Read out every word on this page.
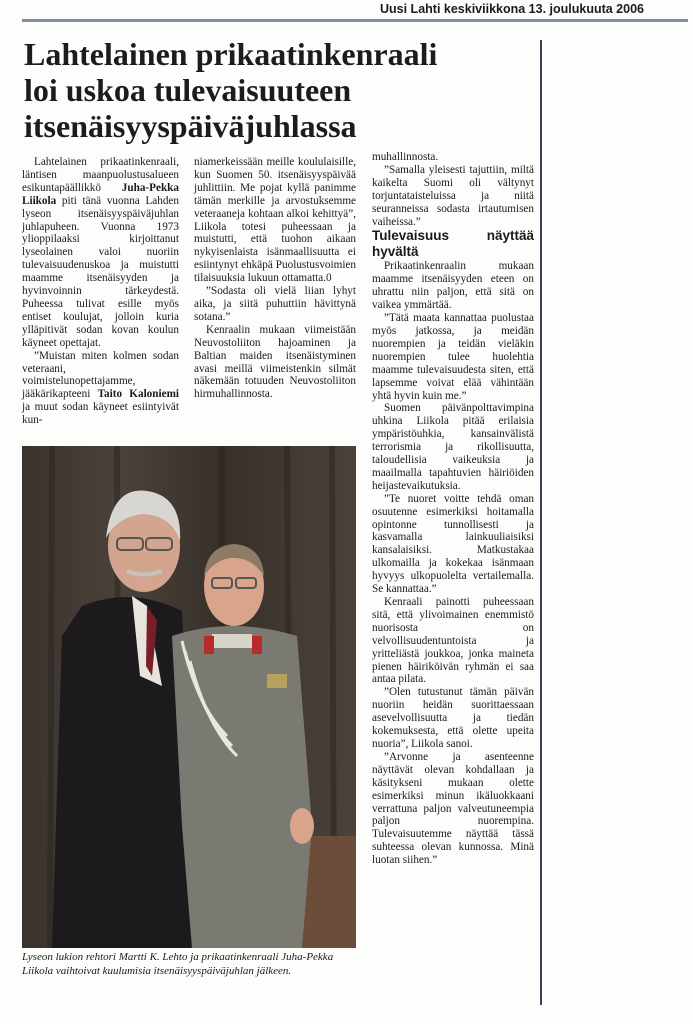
Uusi Lahti keskiviikkona 13. joulukuuta 2006
Lahtelainen prikaatinkenraali
loi uskoa tulevaisuuteen
itsenäisyyspäiväjuhlassa

Lahtelainen prikaatinkenraali, läntisen maanpuolustusalueen esikuntapäällikkö Juha-Pekka Liikola piti tänä vuonna Lahden lyseon itsenäisyyspäiväjuhlan juhlapuheen. Vuonna 1973 ylioppilaaksi kirjoittanut lyseolainen valoi nuoriin tulevaisuudenuskoa ja muistutti maamme itsenäisyyden ja hyvinvoinnin tärkeydestä. Puheessa tulivat esille myös entiset koulujat, jolloin kuria ylläpitivät sodan kovan koulun käyneet opettajat.

”Muistan miten kolmen sodan veteraani, voimistelunopettajamme, jääkärikapteeni Taito Kaloniemi ja muut sodan käyneet esiintyivät kun-

niamerkeissään meille koululaisille, kun Suomen 50. itsenäisyyspäivää juhlittiin. Me pojat kyllä panimme tämän merkille ja arvostuksemme veteraaneja kohtaan alkoi kehittyä”, Liikola totesi puheessaan ja muistutti, että tuohon aikaan nykyisenlaista isänmaallisuutta ei esiintynyt ehkäpä Puolustusvoimien tilaisuuksia lukuun ottamatta.0

”Sodasta oli vielä liian lyhyt aika, ja siitä puhuttiin hävittynä sotana.”

Kenraalin mukaan viimeistään Neuvostoliiton hajoaminen ja Baltian maiden itsenäistyminen avasi meillä viimeistenkin silmät näkemään totuuden Neuvostoliiton hirmuhallinnosta.

muhallinnosta.

”Samalla yleisesti tajuttiin, miltä kaikelta Suomi oli vältynyt torjuntataisteluissa ja niitä seuranneissa sodasta irtautumisen vaiheissa.”

Tulevaisuus näyttää hyvältä

Prikaatinkenraalin mukaan maamme itsenäisyyden eteen on uhrattu niin paljon, että sitä on vaikea ymmärtää.

”Tätä maata kannattaa puolustaa myös jatkossa, ja meidän nuorempien ja teidän vieläkin nuorempien tulee huolehtia maamme tulevaisuudesta siten, että lapsemme voivat elää vähintään yhtä hyvin kuin me.”

Suomen päivänpolttavimpina uhkina Liikola pitää erilaisia ympäristöuhkia, kansainvälistä terrorismia ja rikollisuutta, taloudellisia vaikeuksia ja maailmalla tapahtuvien häiriöiden heijastevaikutuksia.

”Te nuoret voitte tehdä oman osuutenne esimerkiksi hoitamalla opintonne tunnollisesti ja kasvamalla lainkuuliaisiksi kansalaisiksi. Matkustakaa ulkomailla ja kokekaa isänmaan hyvyys ulkopuolelta vertailemalla. Se kannattaa.”

Kenraali painotti puheessaan sitä, että ylivoimainen enemmistö nuorisosta on velvollisuudentuntoista ja yritteliästä joukkoa, jonka maineta pienen häiriköivän ryhmän ei saa antaa pilata.

”Olen tutustunut tämän päivän nuoriin heidän suorittaessaan asevelvollisuutta ja tiedän kokemuksesta, että olette upeita nuoria”, Liikola sanoi.

”Arvonne ja asenteenne näyttävät olevan kohdallaan ja käsitykseni mukaan olette esimerkiksi minun ikäluokkaani verrattuna paljon valveutuneempia paljon nuorempina. Tulevaisuutemme näyttää tässä suhteessa olevan kunnossa. Minä luotan siihen.”

Lyseon lukion rehtori Martti K. Lehto ja prikaatinkenraali Juha-Pekka Liikola vaihtoivat kuulumisia itsenäisyyspäiväjuhlan jälkeen.
